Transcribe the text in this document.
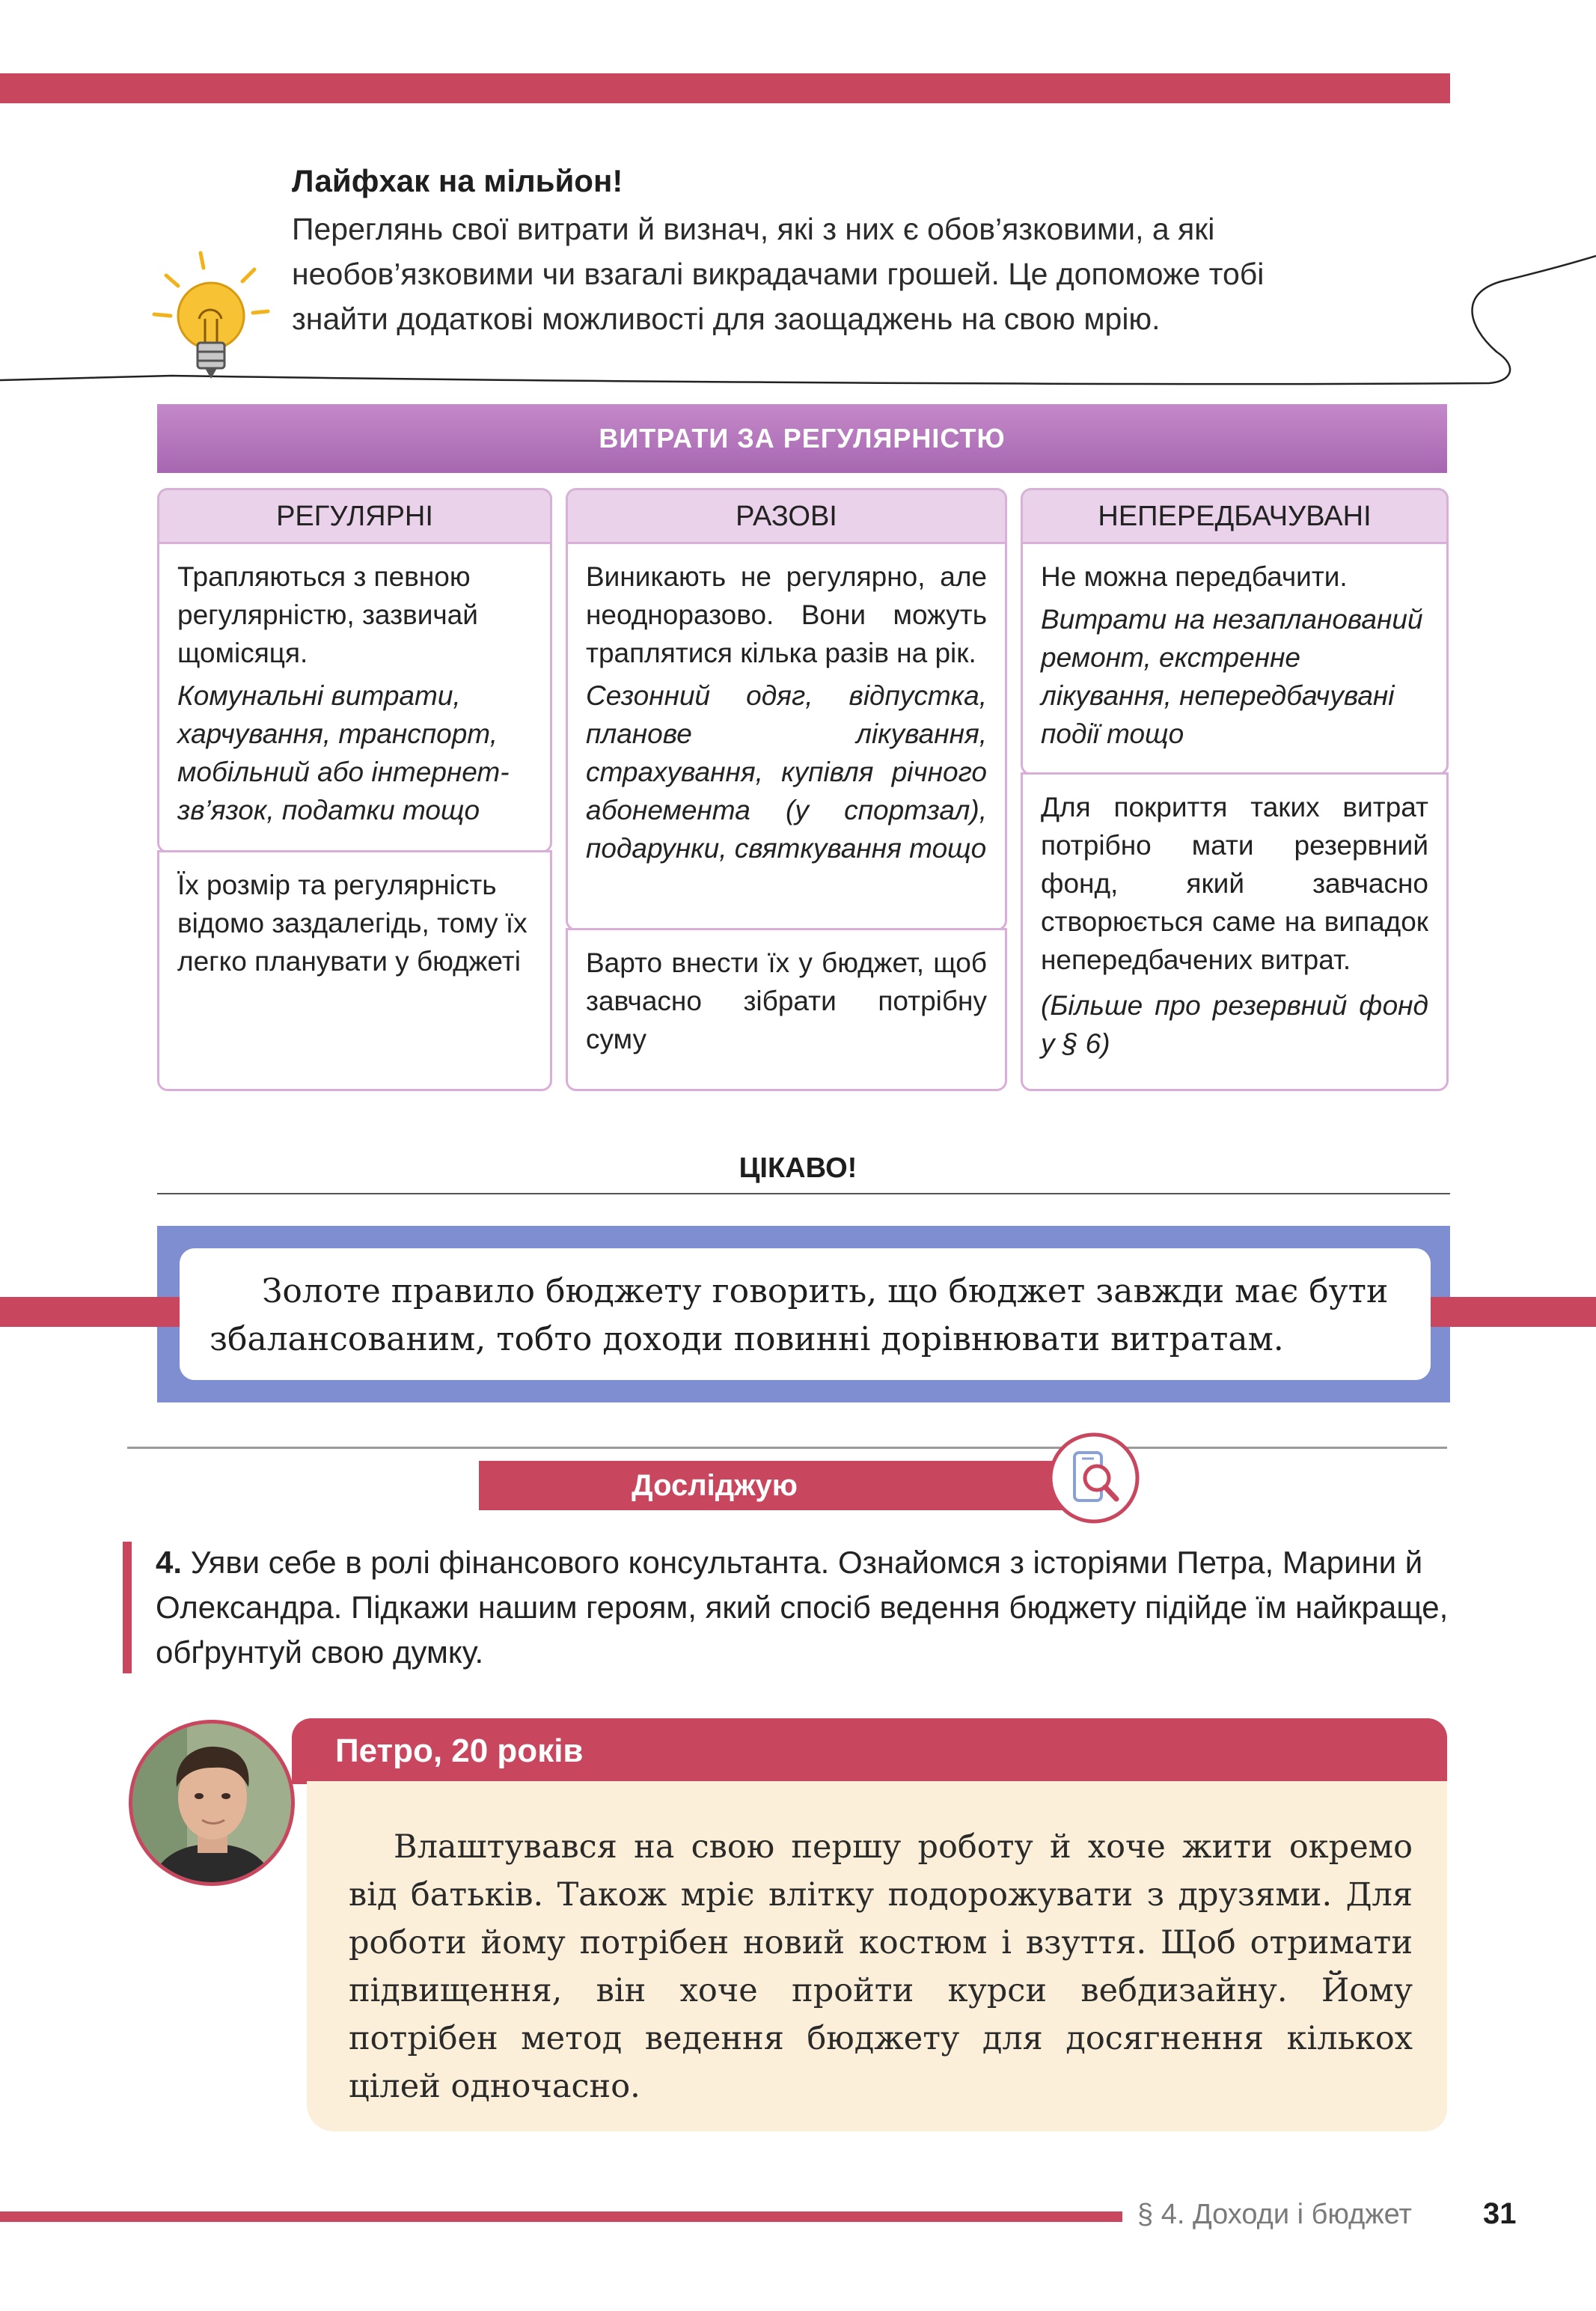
Лайфхак на мільйон!
Переглянь свої витрати й визнач, які з них є обов’язковими, а які
необов’язковими чи взагалі викрадачами грошей. Це допоможе тобі
знайти додаткові можливості для заощаджень на свою мрію.
ВИТРАТИ ЗА РЕГУЛЯРНІСТЮ
РЕГУЛЯРНІ
Трапляються з певною регулярністю, зазвичай щомісяця.
Комунальні витрати, харчування, транспорт, мобільний або інтернет-зв’язок, податки тощо
Їх розмір та регулярність відомо заздалегідь, тому їх легко планувати у бюджеті
РАЗОВІ
Виникають не регулярно, але неодноразово. Вони можуть траплятися кілька разів на рік.
Сезонний одяг, відпустка, планове лікування, страхування, купівля річного абонемента (у спортзал), подарунки, святкування тощо
Варто внести їх у бюджет, щоб завчасно зібрати потрібну суму
НЕПЕРЕДБАЧУВАНІ
Не можна передбачити.
Витрати на незапланований ремонт, екстренне лікування, непередбачувані події тощо
Для покриття таких витрат потрібно мати резервний фонд, який завчасно створюється саме на випадок непередбачених витрат.
(Більше про резервний фонд у § 6)
ЦІКАВО!
Золоте правило бюджету говорить, що бюджет завжди має бути збалансованим, тобто доходи повинні дорівнювати витратам.
Досліджую
4. Уяви себе в ролі фінансового консультанта. Ознайомся з історіями Петра, Марини й Олександра. Підкажи нашим героям, який спосіб ведення бюджету підійде їм найкраще, обґрунтуй свою думку.
Петро, 20 років
Влаштувався на свою першу роботу й хоче жити окремо від батьків. Також мріє влітку подорожувати з друзями. Для роботи йому потрібен новий костюм і взуття. Щоб отримати підвищення, він хоче пройти курси вебдизайну. Йому потрібен метод ведення бюджету для досягнення кількох цілей одночасно.
§ 4. Доходи і бюджет 31
